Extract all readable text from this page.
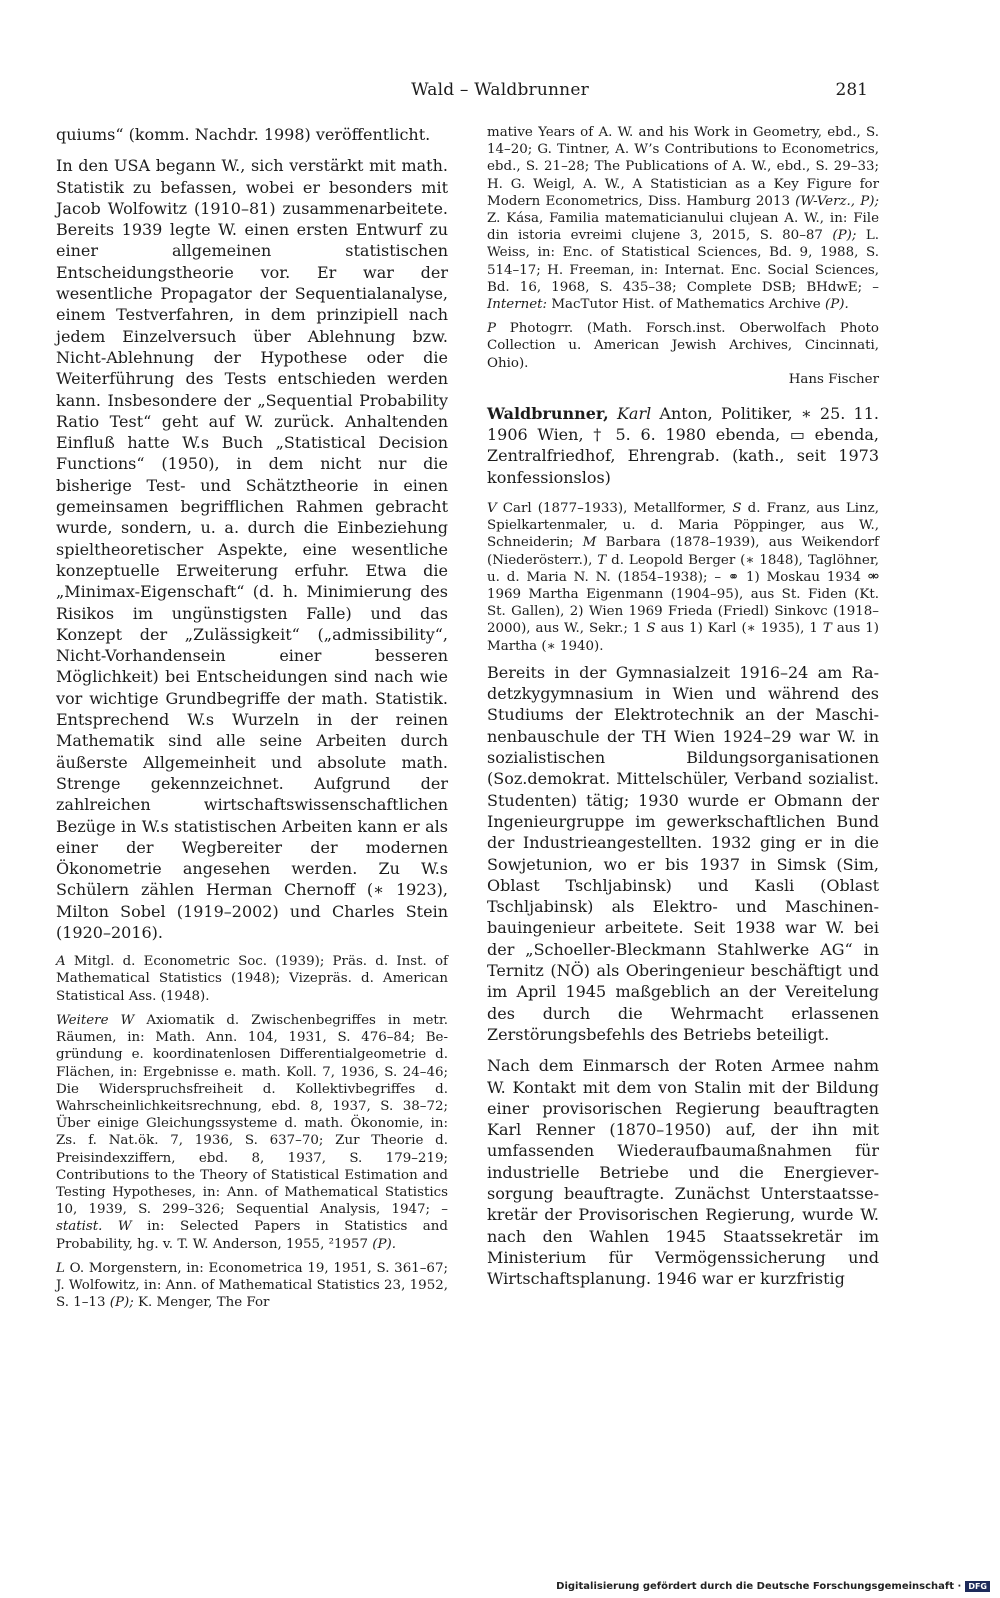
Wald – Waldbrunner	281

quiums“ (komm. Nachdr. 1998) veröffentlicht.

In den USA begann W., sich verstärkt mit math. Statistik zu befassen, wobei er besonders mit Jacob Wolfowitz (1910–81) zusammenarbeitete. Bereits 1939 legte W. einen ersten Entwurf zu einer allgemeinen statistischen Entscheidungstheorie vor. Er war der wesentliche Propagator der Sequentialanalyse, einem Testverfahren, in dem prinzipiell nach jedem Einzelversuch über Ablehnung bzw. Nicht-Ablehnung der Hypothese oder die Weiterführung des Tests entschieden werden kann. Insbesondere der „Sequential Probability Ratio Test“ geht auf W. zurück. Anhaltenden Einfluß hatte W.s Buch „Statistical Decision Functions“ (1950), in dem nicht nur die bisherige Test- und Schätztheorie in einen gemeinsamen begrifflichen Rahmen gebracht wurde, sondern, u. a. durch die Einbeziehung spieltheoretischer Aspekte, eine wesentliche konzeptuelle Erweiterung erfuhr. Etwa die „Minimax-Eigenschaft“ (d. h. Minimierung des Risikos im ungünstigsten Falle) und das Konzept der „Zulässigkeit“ („admissibility“, Nicht-Vorhandensein einer besseren Möglichkeit) bei Entscheidungen sind nach wie vor wichtige Grundbegriffe der math. Statistik. Entsprechend W.s Wurzeln in der reinen Mathematik sind alle seine Arbeiten durch äußerste Allgemeinheit und absolute math. Strenge gekennzeichnet. Aufgrund der zahlreichen wirtschaftswissenschaftlichen Bezüge in W.s statistischen Arbeiten kann er als einer der Wegbereiter der modernen Ökonometrie angesehen werden. Zu W.s Schülern zählen Herman Chernoff (∗ 1923), Milton Sobel (1919–2002) und Charles Stein (1920–2016).

A Mitgl. d. Econometric Soc. (1939); Präs. d. Inst. of Mathematical Statistics (1948); Vizepräs. d. American Statistical Ass. (1948).

Weitere W Axiomatik d. Zwischenbegriffes in metr. Räumen, in: Math. Ann. 104, 1931, S. 476–84; Begründung e. koordinatenlosen Differentialgeometrie d. Flächen, in: Ergebnisse e. math. Koll. 7, 1936, S. 24–46; Die Widerspruchsfreiheit d. Kollektivbegriffes d. Wahrscheinlichkeitsrechnung, ebd. 8, 1937, S. 38–72; Über einige Gleichungssysteme d. math. Ökonomie, in: Zs. f. Nat.ök. 7, 1936, S. 637–70; Zur Theorie d. Preisindexziffern, ebd. 8, 1937, S. 179–219; Contributions to the Theory of Statistical Estimation and Testing Hypotheses, in: Ann. of Mathematical Statistics 10, 1939, S. 299–326; Sequential Analysis, 1947; – statist. W in: Selected Papers in Statistics and Probability, hg. v. T. W. Anderson, 1955, ²1957 (P).

L O. Morgenstern, in: Econometrica 19, 1951, S. 361–67; J. Wolfowitz, in: Ann. of Mathematical Statistics 23, 1952, S. 1–13 (P); K. Menger, The For

mative Years of A. W. and his Work in Geometry, ebd., S. 14–20; G. Tintner, A. W’s Contributions to Econometrics, ebd., S. 21–28; The Publications of A. W., ebd., S. 29–33; H. G. Weigl, A. W., A Statistician as a Key Figure for Modern Econometrics, Diss. Hamburg 2013 (W-Verz., P); Z. Kása, Familia matematicianului clujean A. W., in: File din istoria evreimi clujene 3, 2015, S. 80–87 (P); L. Weiss, in: Enc. of Statistical Sciences, Bd. 9, 1988, S. 514–17; H. Freeman, in: Internat. Enc. Social Sciences, Bd. 16, 1968, S. 435–38; Complete DSB; BHdwE; – Internet: MacTutor Hist. of Mathematics Archive (P).

P Photogrr. (Math. Forsch.inst. Oberwolfach Photo Collection u. American Jewish Archives, Cincinnati, Ohio).

Hans Fischer

Waldbrunner, Karl Anton, Politiker, ∗ 25. 11. 1906 Wien, † 5. 6. 1980 ebenda, ▭ ebenda, Zentralfriedhof, Ehrengrab. (kath., seit 1973 konfessionslos)

V Carl (1877–1933), Metallformer, S d. Franz, aus Linz, Spielkartenmaler, u. d. Maria Pöppinger, aus W., Schneiderin; M Barbara (1878–1939), aus Weikendorf (Niederösterr.), T d. Leopold Berger (∗ 1848), Taglöhner, u. d. Maria N. N. (1854–1938); – ⚭ 1) Moskau 1934 ⚮ 1969 Martha Eigenmann (1904–95), aus St. Fiden (Kt. St. Gallen), 2) Wien 1969 Frieda (Friedl) Sinkovc (1918–2000), aus W., Sekr.; 1 S aus 1) Karl (∗ 1935), 1 T aus 1) Martha (∗ 1940).

Bereits in der Gymnasialzeit 1916–24 am Radetzkygymnasium in Wien und während des Studiums der Elektrotechnik an der Maschinenbauschule der TH Wien 1924–29 war W. in sozialistischen Bildungsorganisationen (Soz.demokrat. Mittelschüler, Verband sozialist. Studenten) tätig; 1930 wurde er Obmann der Ingenieurgruppe im gewerkschaftlichen Bund der Industrieangestellten. 1932 ging er in die Sowjetunion, wo er bis 1937 in Simsk (Sim, Oblast Tschljabinsk) und Kasli (Oblast Tschljabinsk) als Elektro- und Maschinenbauingenieur arbeitete. Seit 1938 war W. bei der „Schoeller-Bleckmann Stahlwerke AG“ in Ternitz (NÖ) als Oberingenieur beschäftigt und im April 1945 maßgeblich an der Vereitelung des durch die Wehrmacht erlassenen Zerstörungsbefehls des Betriebs beteiligt.

Nach dem Einmarsch der Roten Armee nahm W. Kontakt mit dem von Stalin mit der Bildung einer provisorischen Regierung beauftragten Karl Renner (1870–1950) auf, der ihn mit umfassenden Wiederaufbaumaßnahmen für industrielle Betriebe und die Energieversorgung beauftragte. Zunächst Unterstaatssekretär der Provisorischen Regierung, wurde W. nach den Wahlen 1945 Staatssekretär im Ministerium für Vermögenssicherung und Wirtschaftsplanung. 1946 war er kurzfristig

Digitalisierung gefördert durch die Deutsche Forschungsgemeinschaft · DFG
